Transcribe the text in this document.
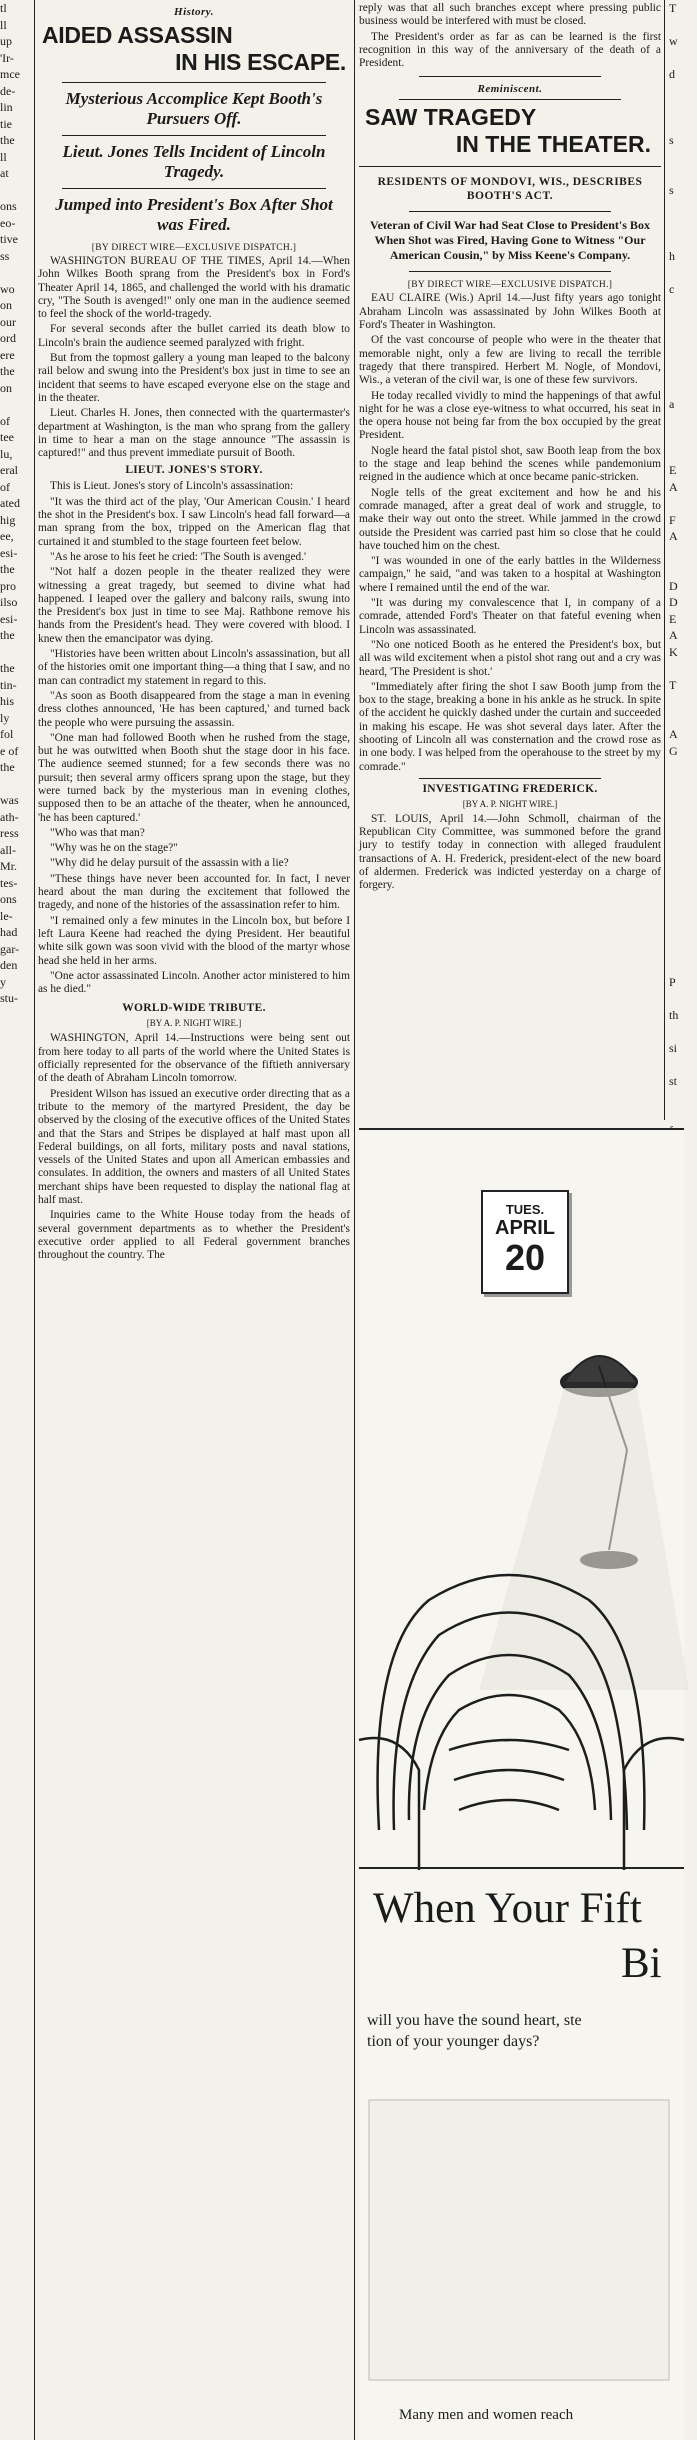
tl

ll

up

'Ir-

mce

de-

lin

tie

the

ll

at

ons

eo-

tive

ss

wo

on

our

ord

ere

the

on

of

tee

lu,

eral

of

ated

hig

ee,

esi-

the

pro

ilso

esi-

the

the

tin-

his

ly

fol

e of

the

was

ath-

ress

all-

Mr.

tes-

ons

le-

had

gar-

den

y

stu-

History.
AIDED ASSASSIN
IN HIS ESCAPE.
Mysterious Accomplice Kept Booth's Pursuers Off.
Lieut. Jones Tells Incident of Lincoln Tragedy.
Jumped into President's Box After Shot was Fired.
[BY DIRECT WIRE—EXCLUSIVE DISPATCH.]

WASHINGTON BUREAU OF THE TIMES, April 14.—When John Wilkes Booth sprang from the President's box in Ford's Theater April 14, 1865, and challenged the world with his dramatic cry, "The South is avenged!" only one man in the audience seemed to feel the shock of the world-tragedy.

For several seconds after the bullet carried its death blow to Lincoln's brain the audience seemed paralyzed with fright.

But from the topmost gallery a young man leaped to the balcony rail below and swung into the President's box just in time to see an incident that seems to have escaped everyone else on the stage and in the theater.

Lieut. Charles H. Jones, then connected with the quartermaster's department at Washington, is the man who sprang from the gallery in time to hear a man on the stage announce "The assassin is captured!" and thus prevent immediate pursuit of Booth.

LIEUT. JONES'S STORY.

This is Lieut. Jones's story of Lincoln's assassination:

"It was the third act of the play, 'Our American Cousin.' I heard the shot in the President's box. I saw Lincoln's head fall forward—a man sprang from the box, tripped on the American flag that curtained it and stumbled to the stage fourteen feet below.

"As he arose to his feet he cried: 'The South is avenged.'

"Not half a dozen people in the theater realized they were witnessing a great tragedy, but seemed to divine what had happened. I leaped over the gallery and balcony rails, swung into the President's box just in time to see Maj. Rathbone remove his hands from the President's head. They were covered with blood. I knew then the emancipator was dying.

"Histories have been written about Lincoln's assassination, but all of the histories omit one important thing—a thing that I saw, and no man can contradict my statement in regard to this.

"As soon as Booth disappeared from the stage a man in evening dress clothes announced, 'He has been captured,' and turned back the people who were pursuing the assassin.

"One man had followed Booth when he rushed from the stage, but he was outwitted when Booth shut the stage door in his face. The audience seemed stunned; for a few seconds there was no pursuit; then several army officers sprang upon the stage, but they were turned back by the mysterious man in evening clothes, supposed then to be an attache of the theater, when he announced, 'he has been captured.'

"Who was that man?

"Why was he on the stage?"

"Why did he delay pursuit of the assassin with a lie?

"These things have never been accounted for. In fact, I never heard about the man during the excitement that followed the tragedy, and none of the histories of the assassination refer to him.

"I remained only a few minutes in the Lincoln box, but before I left Laura Keene had reached the dying President. Her beautiful white silk gown was soon vivid with the blood of the martyr whose head she held in her arms.

"One actor assassinated Lincoln. Another actor ministered to him as he died."

WORLD-WIDE TRIBUTE.
[BY A. P. NIGHT WIRE.]

WASHINGTON, April 14.—Instructions were being sent out from here today to all parts of the world where the United States is officially represented for the observance of the fiftieth anniversary of the death of Abraham Lincoln tomorrow.

President Wilson has issued an executive order directing that as a tribute to the memory of the martyred President, the day be observed by the closing of the executive offices of the United States and that the Stars and Stripes be displayed at half mast upon all Federal buildings, on all forts, military posts and naval stations, vessels of the United States and upon all American embassies and consulates. In addition, the owners and masters of all United States merchant ships have been requested to display the national flag at half mast.

Inquiries came to the White House today from the heads of several government departments as to whether the President's executive order applied to all Federal government branches throughout the country. The

reply was that all such branches except where pressing public business would be interfered with must be closed.

The President's order as far as can be learned is the first recognition in this way of the anniversary of the death of a President.

Reminiscent.
SAW TRAGEDY
IN THE THEATER.
RESIDENTS OF MONDOVI, WIS., DESCRIBES BOOTH'S ACT.
Veteran of Civil War had Seat Close to President's Box When Shot was Fired, Having Gone to Witness "Our American Cousin," by Miss Keene's Company.
[BY DIRECT WIRE—EXCLUSIVE DISPATCH.]

EAU CLAIRE (Wis.) April 14.—Just fifty years ago tonight Abraham Lincoln was assassinated by John Wilkes Booth at Ford's Theater in Washington.

Of the vast concourse of people who were in the theater that memorable night, only a few are living to recall the terrible tragedy that there transpired. Herbert M. Nogle, of Mondovi, Wis., a veteran of the civil war, is one of these few survivors.

He today recalled vividly to mind the happenings of that awful night for he was a close eye-witness to what occurred, his seat in the opera house not being far from the box occupied by the great President.

Nogle heard the fatal pistol shot, saw Booth leap from the box to the stage and leap behind the scenes while pandemonium reigned in the audience which at once became panic-stricken.

Nogle tells of the great excitement and how he and his comrade managed, after a great deal of work and struggle, to make their way out onto the street. While jammed in the crowd outside the President was carried past him so close that he could have touched him on the chest.

"I was wounded in one of the early battles in the Wilderness campaign," he said, "and was taken to a hospital at Washington where I remained until the end of the war.

"It was during my convalescence that I, in company of a comrade, attended Ford's Theater on that fateful evening when Lincoln was assassinated.

"No one noticed Booth as he entered the President's box, but all was wild excitement when a pistol shot rang out and a cry was heard, 'The President is shot.'

"Immediately after firing the shot I saw Booth jump from the box to the stage, breaking a bone in his ankle as he struck. In spite of the accident he quickly dashed under the curtain and succeeded in making his escape. He was shot several days later. After the shooting of Lincoln all was consternation and the crowd rose as in one body. I was helped from the operahouse to the street by my comrade."

INVESTIGATING FREDERICK.
[BY A. P. NIGHT WIRE.]

ST. LOUIS, April 14.—John Schmoll, chairman of the Republican City Committee, was summoned before the grand jury to testify today in connection with alleged fraudulent transactions of A. H. Frederick, president-elect of the new board of aldermen. Frederick was indicted yesterday on a charge of forgery.

T

w

d

s

s

h

c

a

E

A

F

A

D

D

E

A

K

T

A

G

P

th

si

st

TUES.
APRIL
20
When Your Fift
Bi
will you have the sound heart, ste
tion of your younger days?
Many men and women reach
